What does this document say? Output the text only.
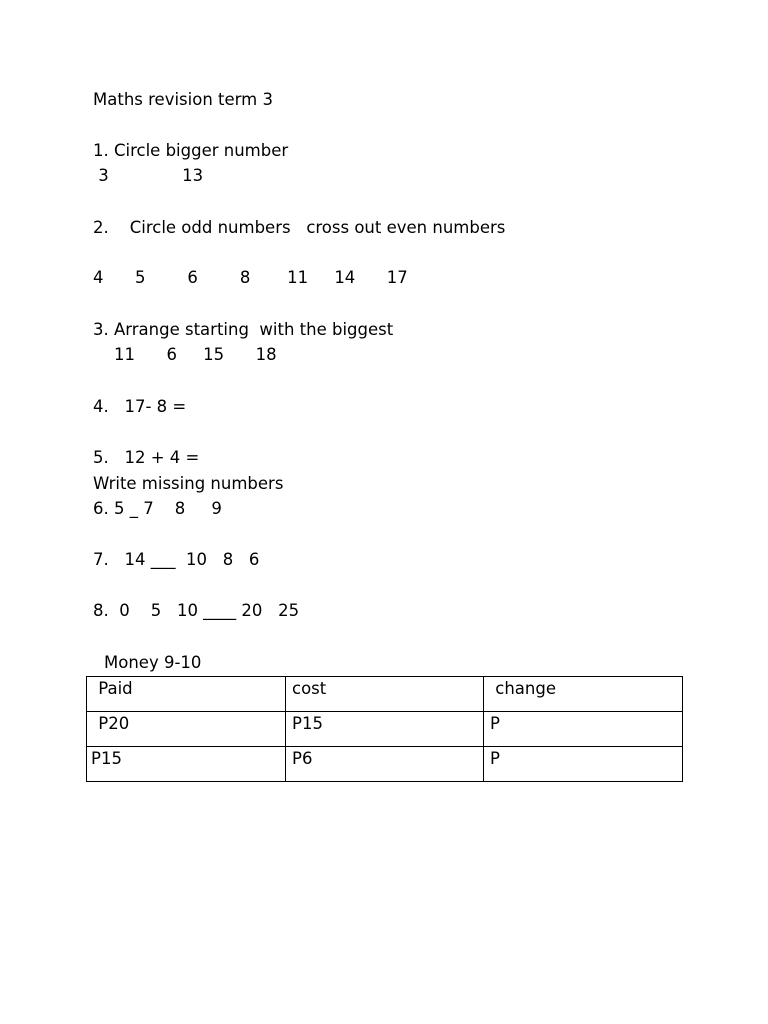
Maths revision term 3
1. Circle bigger number
3              13
2.    Circle odd numbers   cross out even numbers
4      5        6        8       11     14      17
3. Arrange starting  with the biggest
11      6     15      18
4.   17- 8 =
5.   12 + 4 =
Write missing numbers
6. 5 _ 7    8     9
7.   14 ___  10   8   6
8.  0    5   10 ____ 20   25
Money 9-10
Paid	cost	change
P20	P15	P
P15	P6	P
